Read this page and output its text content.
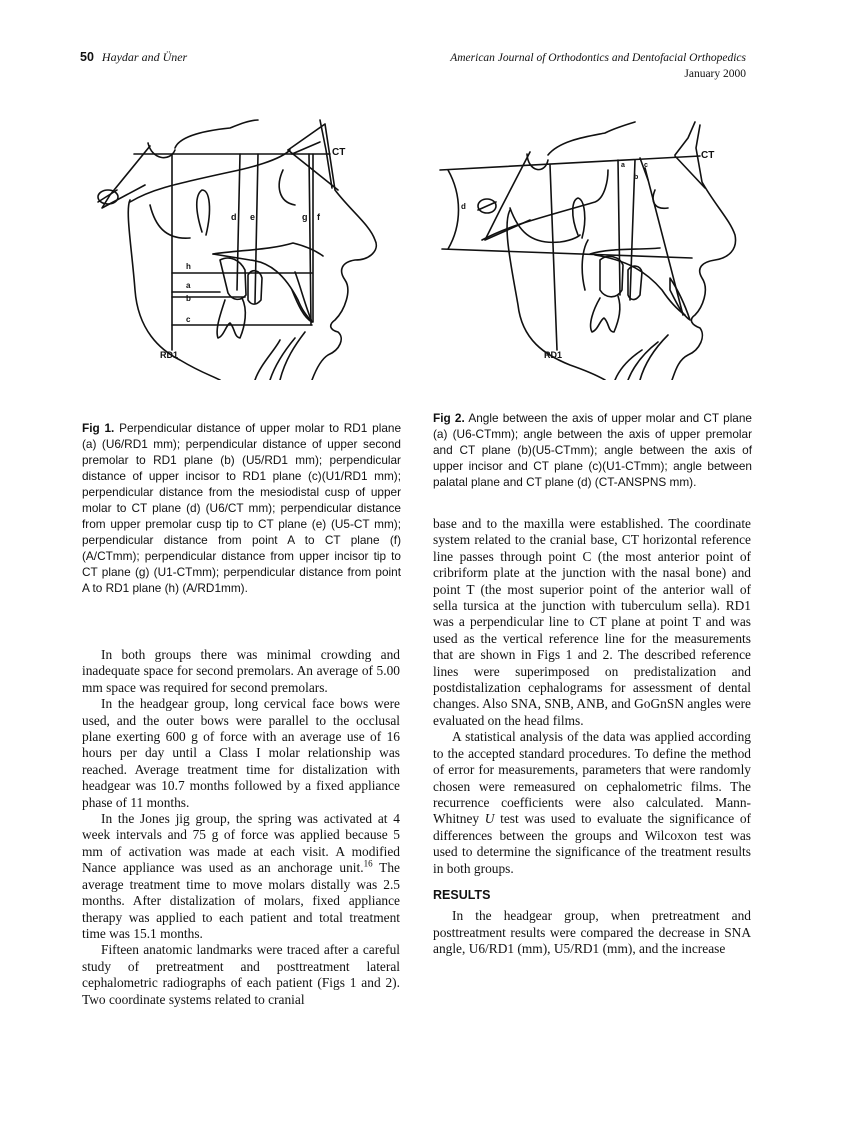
50 Haydar and Üner	American Journal of Orthodontics and Dentofacial Orthopedics
January 2000
CT
RD1
d e	g f
h
a
b
c
CT
RD1
d
a
b
c
Fig 1. Perpendicular distance of upper molar to RD1 plane (a) (U6/RD1 mm); perpendicular distance of upper second premolar to RD1 plane (b) (U5/RD1 mm); perpendicular distance of upper incisor to RD1 plane (c)(U1/RD1 mm); perpendicular distance from the mesiodistal cusp of upper molar to CT plane (d) (U6/CT mm); perpendicular distance from upper premolar cusp tip to CT plane (e) (U5-CT mm); perpendicular distance from point A to CT plane (f) (A/CTmm); perpendicular distance from upper incisor tip to CT plane (g) (U1-CTmm); perpendicular distance from point A to RD1 plane (h) (A/RD1mm).
Fig 2. Angle between the axis of upper molar and CT plane (a) (U6-CTmm); angle between the axis of upper premolar and CT plane (b)(U5-CTmm); angle between the axis of upper incisor and CT plane (c)(U1-CTmm); angle between palatal plane and CT plane (d) (CT-ANSPNS mm).

In both groups there was minimal crowding and inadequate space for second premolars. An average of 5.00 mm space was required for second premolars.

In the headgear group, long cervical face bows were used, and the outer bows were parallel to the occlusal plane exerting 600 g of force with an average use of 16 hours per day until a Class I molar relationship was reached. Average treatment time for distalization with headgear was 10.7 months followed by a fixed appliance phase of 11 months.

In the Jones jig group, the spring was activated at 4 week intervals and 75 g of force was applied because 5 mm of activation was made at each visit. A modified Nance appliance was used as an anchorage unit.$^{16}$ The average treatment time to move molars distally was 2.5 months. After distalization of molars, fixed appliance therapy was applied to each patient and total treatment time was 15.1 months.

Fifteen anatomic landmarks were traced after a careful study of pretreatment and posttreatment lateral cephalometric radiographs of each patient (Figs 1 and 2). Two coordinate systems related to cranial

base and to the maxilla were established. The coordinate system related to the cranial base, CT horizontal reference line passes through point C (the most anterior point of cribriform plate at the junction with the nasal bone) and point T (the most superior point of the anterior wall of sella tursica at the junction with tuberculum sella). RD1 was a perpendicular line to CT plane at point T and was used as the vertical reference line for the measurements that are shown in Figs 1 and 2. The described reference lines were superimposed on predistalization and postdistalization cephalograms for assessment of dental changes. Also SNA, SNB, ANB, and GoGnSN angles were evaluated on the head films.

A statistical analysis of the data was applied according to the accepted standard procedures. To define the method of error for measurements, parameters that were randomly chosen were remeasured on cephalometric films. The recurrence coefficients were also calculated. Mann-Whitney U test was used to evaluate the significance of differences between the groups and Wilcoxon test was used to determine the significance of the treatment results in both groups.

RESULTS

In the headgear group, when pretreatment and posttreatment results were compared the decrease in SNA angle, U6/RD1 (mm), U5/RD1 (mm), and the increase
